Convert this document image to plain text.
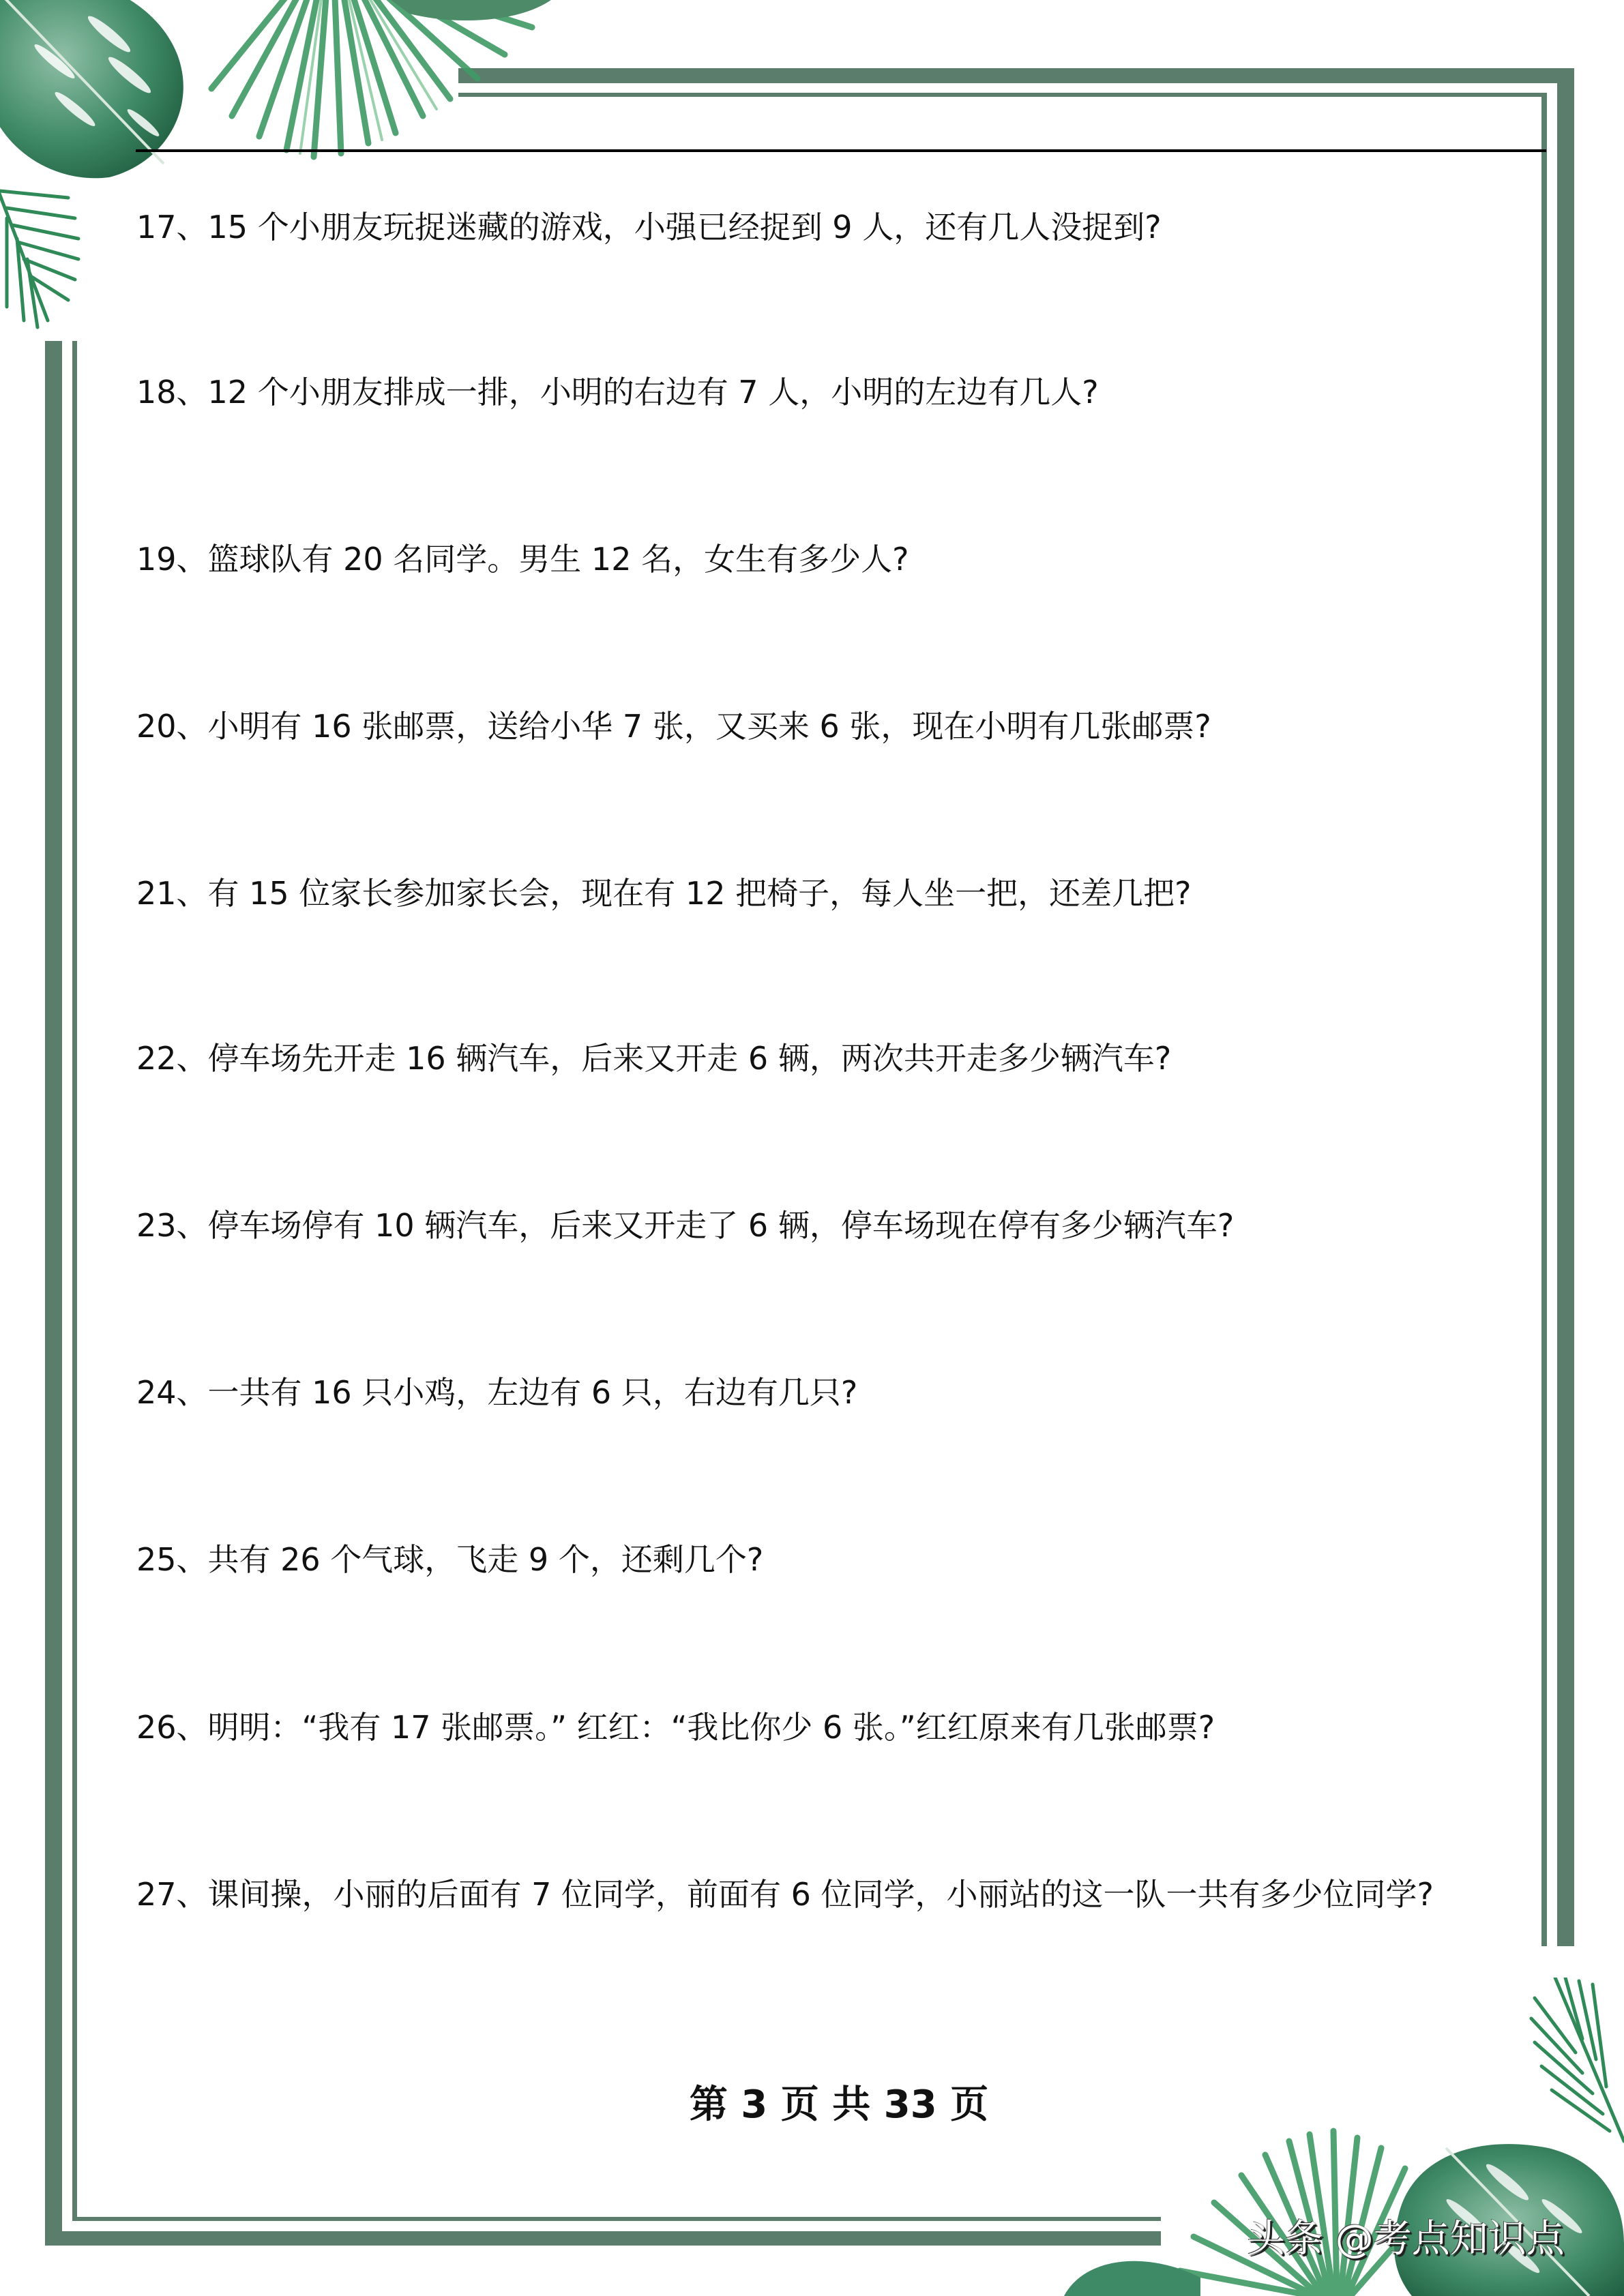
17、15 个小朋友玩捉迷藏的游戏，小强已经捉到 9 人，还有几人没捉到?
18、12 个小朋友排成一排，小明的右边有 7 人，小明的左边有几人?
19、篮球队有 20 名同学。男生 12 名，女生有多少人?
20、小明有 16 张邮票，送给小华 7 张，又买来 6 张，现在小明有几张邮票?
21、有 15 位家长参加家长会，现在有 12 把椅子，每人坐一把，还差几把?
22、停车场先开走 16 辆汽车，后来又开走 6 辆，两次共开走多少辆汽车?
23、停车场停有 10 辆汽车，后来又开走了 6 辆，停车场现在停有多少辆汽车?
24、一共有 16 只小鸡，左边有 6 只，右边有几只?
25、共有 26 个气球，飞走 9 个，还剩几个?
26、明明：“我有 17 张邮票。” 红红：“我比你少 6 张。”红红原来有几张邮票?
27、课间操，小丽的后面有 7 位同学，前面有 6 位同学，小丽站的这一队一共有多少位同学?
第 3 页 共 33 页
头条 @考点知识点
